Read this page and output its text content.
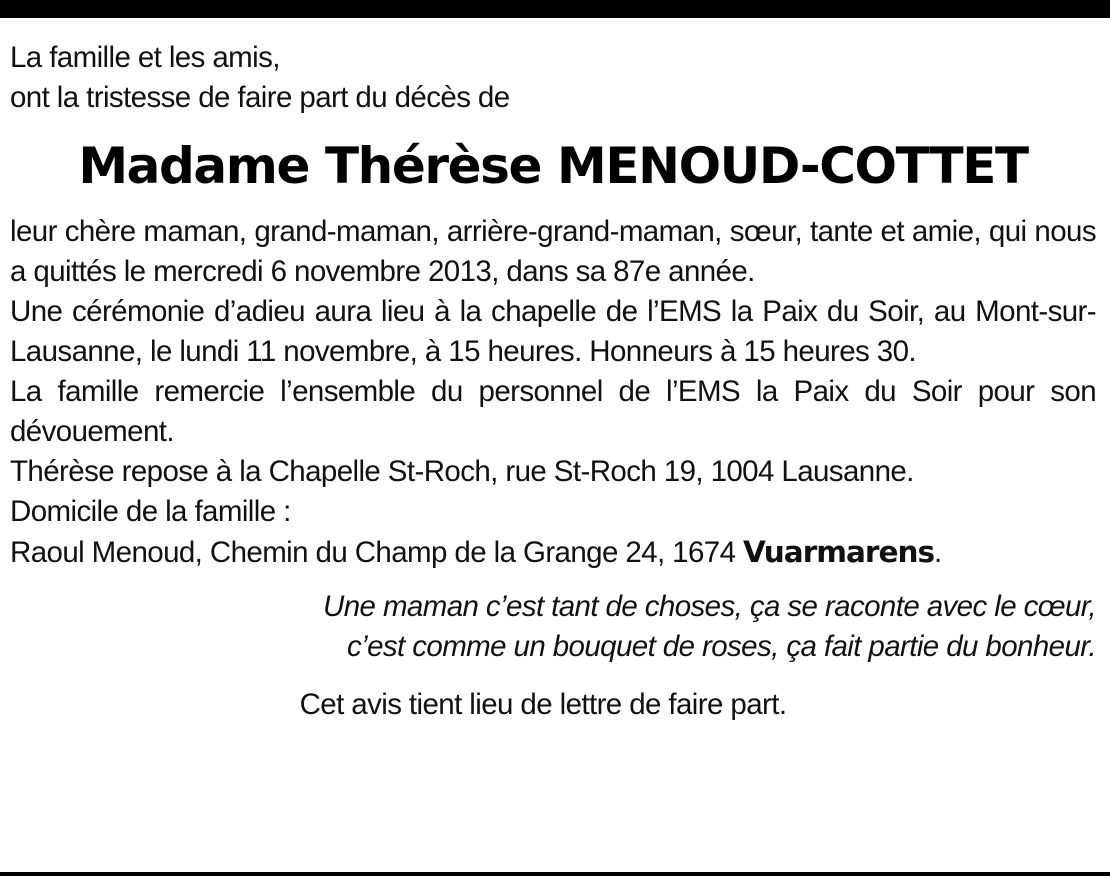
La famille et les amis,

ont la tristesse de faire part du décès de

Madame Thérèse MENOUD-COTTET

leur chère maman, grand-maman, arrière-grand-maman, sœur, tante et amie, qui nous a quittés le mercredi 6 novembre 2013, dans sa 87e année.

Une cérémonie d’adieu aura lieu à la chapelle de l’EMS la Paix du Soir, au Mont-sur-Lausanne, le lundi 11 novembre, à 15 heures. Honneurs à 15 heures 30.

La famille remercie l’ensemble du personnel de l’EMS la Paix du Soir pour son dévouement.

Thérèse repose à la Chapelle St-Roch, rue St-Roch 19, 1004 Lausanne.

Domicile de la famille :

Raoul Menoud, Chemin du Champ de la Grange 24, 1674 Vuarmarens.

Une maman c’est tant de choses, ça se raconte avec le cœur,

c’est comme un bouquet de roses, ça fait partie du bonheur.

Cet avis tient lieu de lettre de faire part.
